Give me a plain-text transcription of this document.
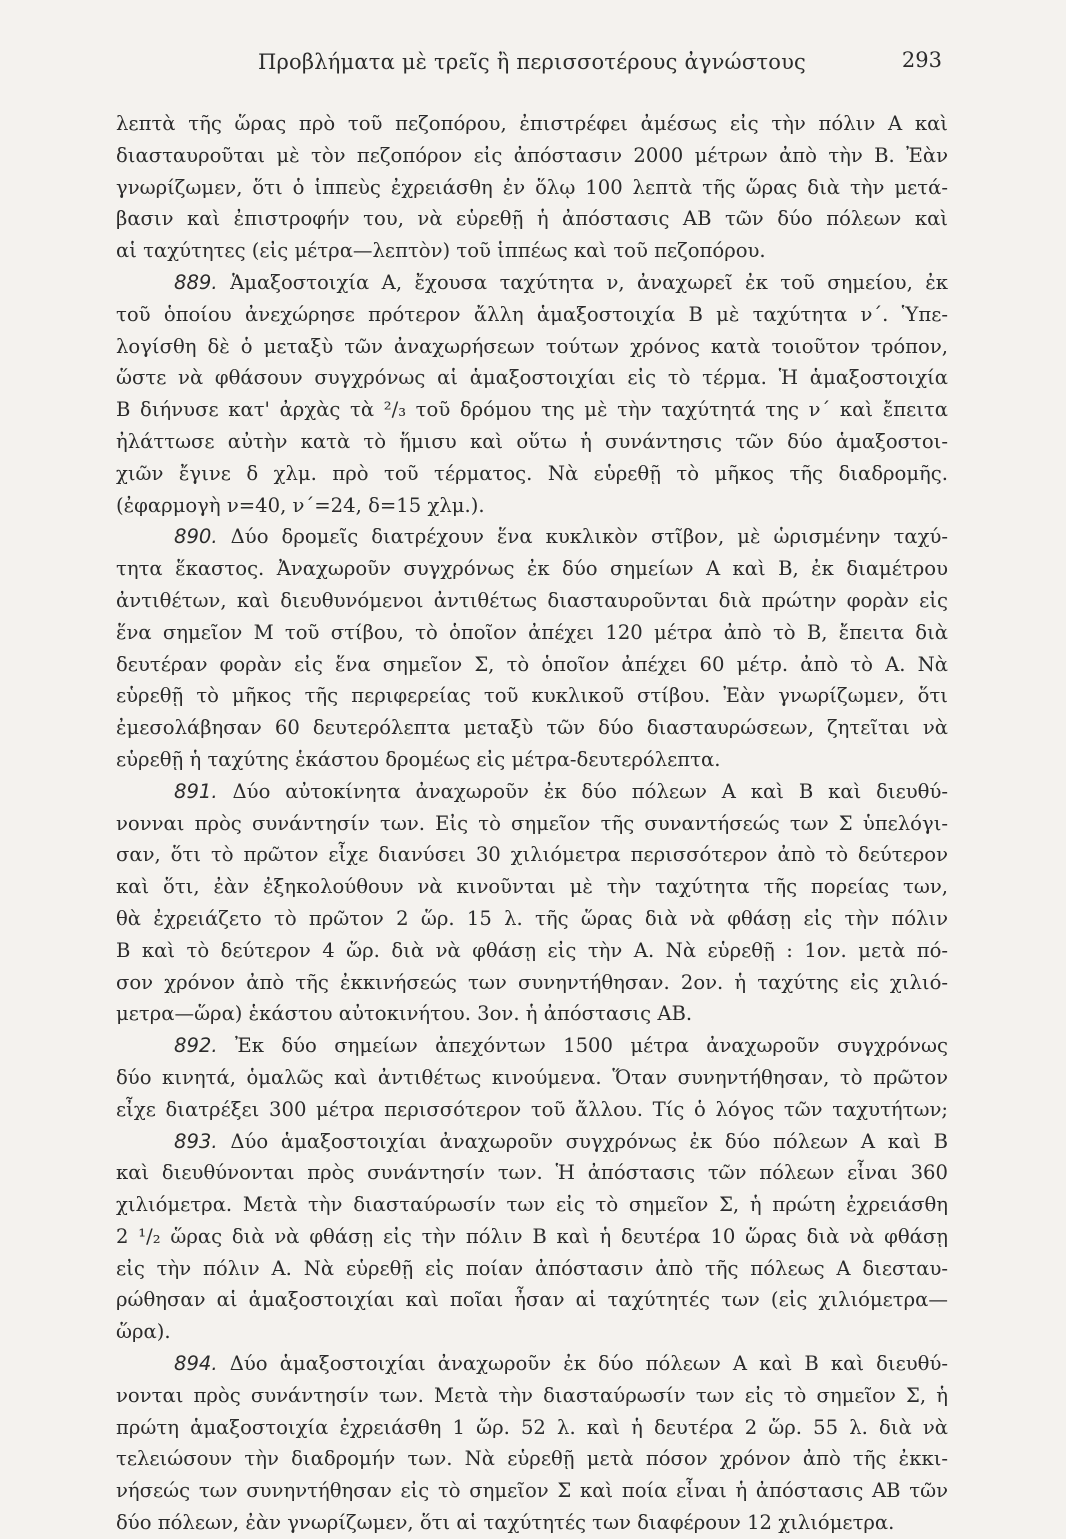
Προβλήματα μὲ τρεῖς ἢ περισσοτέρους ἀγνώστους	293
λεπτὰ τῆς ὥρας πρὸ τοῦ πεζοπόρου, ἐπιστρέφει ἀμέσως εἰς τὴν πόλιν Α καὶ
διασταυροῦται μὲ τὸν πεζοπόρον εἰς ἀπόστασιν 2000 μέτρων ἀπὸ τὴν Β. Ἐὰν
γνωρίζωμεν, ὅτι ὁ ἱππεὺς ἐχρειάσθη ἐν ὅλῳ 100 λεπτὰ τῆς ὥρας διὰ τὴν μετά-
βασιν καὶ ἐπιστροφήν του, νὰ εὑρεθῇ ἡ ἀπόστασις ΑΒ τῶν δύο πόλεων καὶ
αἱ ταχύτητες (εἰς μέτρα—λεπτὸν) τοῦ ἱππέως καὶ τοῦ πεζοπόρου.
889. Ἁμαξοστοιχία Α, ἔχουσα ταχύτητα ν, ἀναχωρεῖ ἐκ τοῦ σημείου, ἐκ
τοῦ ὁποίου ἀνεχώρησε πρότερον ἄλλη ἁμαξοστοιχία Β μὲ ταχύτητα ν΄. Ὑπε-
λογίσθη δὲ ὁ μεταξὺ τῶν ἀναχωρήσεων τούτων χρόνος κατὰ τοιοῦτον τρόπον,
ὥστε νὰ φθάσουν συγχρόνως αἱ ἁμαξοστοιχίαι εἰς τὸ τέρμα. Ἡ ἁμαξοστοιχία
Β διήνυσε κατ' ἀρχὰς τὰ ²/₃ τοῦ δρόμου της μὲ τὴν ταχύτητά της ν΄ καὶ ἔπειτα
ἠλάττωσε αὐτὴν κατὰ τὸ ἥμισυ καὶ οὕτω ἡ συνάντησις τῶν δύο ἁμαξοστοι-
χιῶν ἔγινε δ χλμ. πρὸ τοῦ τέρματος. Νὰ εὑρεθῇ τὸ μῆκος τῆς διαδρομῆς.
(ἐφαρμογὴ ν=40, ν΄=24, δ=15 χλμ.).
890. Δύο δρομεῖς διατρέχουν ἕνα κυκλικὸν στῖβον, μὲ ὡρισμένην ταχύ-
τητα ἕκαστος. Ἀναχωροῦν συγχρόνως ἐκ δύο σημείων Α καὶ Β, ἐκ διαμέτρου
ἀντιθέτων, καὶ διευθυνόμενοι ἀντιθέτως διασταυροῦνται διὰ πρώτην φορὰν εἰς
ἕνα σημεῖον Μ τοῦ στίβου, τὸ ὁποῖον ἀπέχει 120 μέτρα ἀπὸ τὸ Β, ἔπειτα διὰ
δευτέραν φορὰν εἰς ἕνα σημεῖον Σ, τὸ ὁποῖον ἀπέχει 60 μέτρ. ἀπὸ τὸ Α. Νὰ
εὑρεθῇ τὸ μῆκος τῆς περιφερείας τοῦ κυκλικοῦ στίβου. Ἐὰν γνωρίζωμεν, ὅτι
ἐμεσολάβησαν 60 δευτερόλεπτα μεταξὺ τῶν δύο διασταυρώσεων, ζητεῖται νὰ
εὑρεθῇ ἡ ταχύτης ἑκάστου δρομέως εἰς μέτρα-δευτερόλεπτα.
891. Δύο αὐτοκίνητα ἀναχωροῦν ἐκ δύο πόλεων Α καὶ Β καὶ διευθύ-
νονναι πρὸς συνάντησίν των. Εἰς τὸ σημεῖον τῆς συναντήσεώς των Σ ὑπελόγι-
σαν, ὅτι τὸ πρῶτον εἶχε διανύσει 30 χιλιόμετρα περισσότερον ἀπὸ τὸ δεύτερον
καὶ ὅτι, ἐὰν ἐξηκολούθουν νὰ κινοῦνται μὲ τὴν ταχύτητα τῆς πορείας των,
θὰ ἐχρειάζετο τὸ πρῶτον 2 ὥρ. 15 λ. τῆς ὥρας διὰ νὰ φθάσῃ εἰς τὴν πόλιν
Β καὶ τὸ δεύτερον 4 ὥρ. διὰ νὰ φθάσῃ εἰς τὴν Α. Νὰ εὑρεθῇ : 1ον. μετὰ πό-
σον χρόνον ἀπὸ τῆς ἐκκινήσεώς των συνηντήθησαν. 2ον. ἡ ταχύτης εἰς χιλιό-
μετρα—ὥρα) ἑκάστου αὐτοκινήτου. 3ον. ἡ ἀπόστασις ΑΒ.
892. Ἐκ δύο σημείων ἀπεχόντων 1500 μέτρα ἀναχωροῦν συγχρόνως
δύο κινητά, ὁμαλῶς καὶ ἀντιθέτως κινούμενα. Ὅταν συνηντήθησαν, τὸ πρῶτον
εἶχε διατρέξει 300 μέτρα περισσότερον τοῦ ἄλλου. Τίς ὁ λόγος τῶν ταχυτήτων;
893. Δύο ἁμαξοστοιχίαι ἀναχωροῦν συγχρόνως ἐκ δύο πόλεων Α καὶ Β
καὶ διευθύνονται πρὸς συνάντησίν των. Ἡ ἀπόστασις τῶν πόλεων εἶναι 360
χιλιόμετρα. Μετὰ τὴν διασταύρωσίν των εἰς τὸ σημεῖον Σ, ἡ πρώτη ἐχρειάσθη
2 ¹/₂ ὥρας διὰ νὰ φθάσῃ εἰς τὴν πόλιν Β καὶ ἡ δευτέρα 10 ὥρας διὰ νὰ φθάσῃ
εἰς τὴν πόλιν Α. Νὰ εὑρεθῇ εἰς ποίαν ἀπόστασιν ἀπὸ τῆς πόλεως Α διεσταυ-
ρώθησαν αἱ ἁμαξοστοιχίαι καὶ ποῖαι ἦσαν αἱ ταχύτητές των (εἰς χιλιόμετρα—
ὥρα).
894. Δύο ἁμαξοστοιχίαι ἀναχωροῦν ἐκ δύο πόλεων Α καὶ Β καὶ διευθύ-
νονται πρὸς συνάντησίν των. Μετὰ τὴν διασταύρωσίν των εἰς τὸ σημεῖον Σ, ἡ
πρώτη ἁμαξοστοιχία ἐχρειάσθη 1 ὥρ. 52 λ. καὶ ἡ δευτέρα 2 ὥρ. 55 λ. διὰ νὰ
τελειώσουν τὴν διαδρομήν των. Νὰ εὑρεθῇ μετὰ πόσον χρόνον ἀπὸ τῆς ἐκκι-
νήσεώς των συνηντήθησαν εἰς τὸ σημεῖον Σ καὶ ποία εἶναι ἡ ἀπόστασις ΑΒ τῶν
δύο πόλεων, ἐὰν γνωρίζωμεν, ὅτι αἱ ταχύτητές των διαφέρουν 12 χιλιόμετρα.
